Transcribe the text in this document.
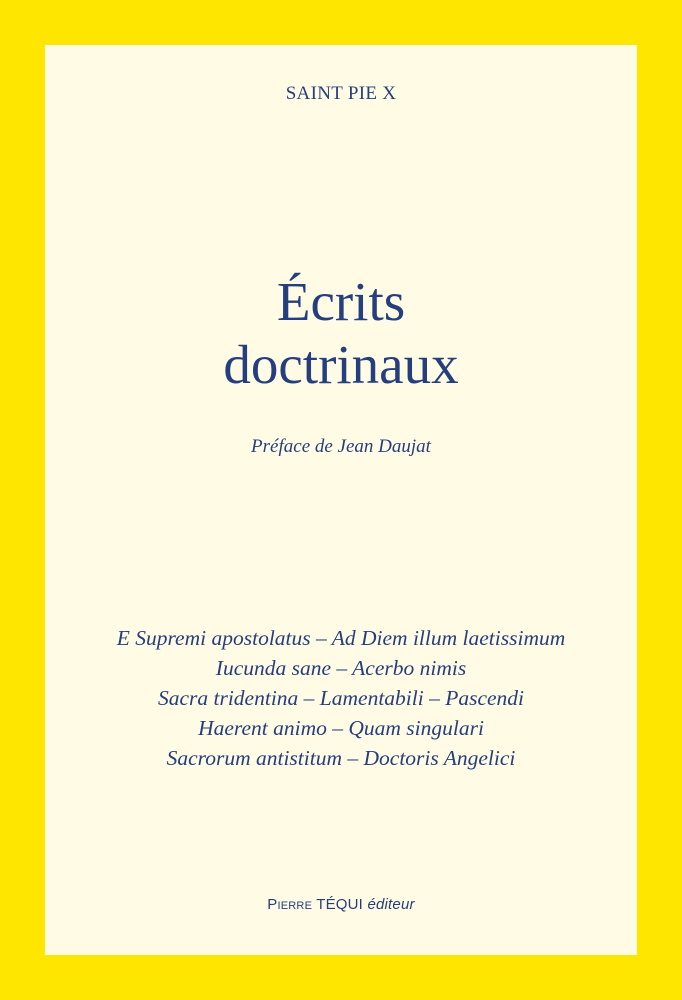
SAINT PIE X
Écrits
doctrinaux
Préface de Jean Daujat
E Supremi apostolatus – Ad Diem illum laetissimum
Iucunda sane – Acerbo nimis
Sacra tridentina – Lamentabili – Pascendi
Haerent animo – Quam singulari
Sacrorum antistitum – Doctoris Angelici
Pierre TÉQUI éditeur
